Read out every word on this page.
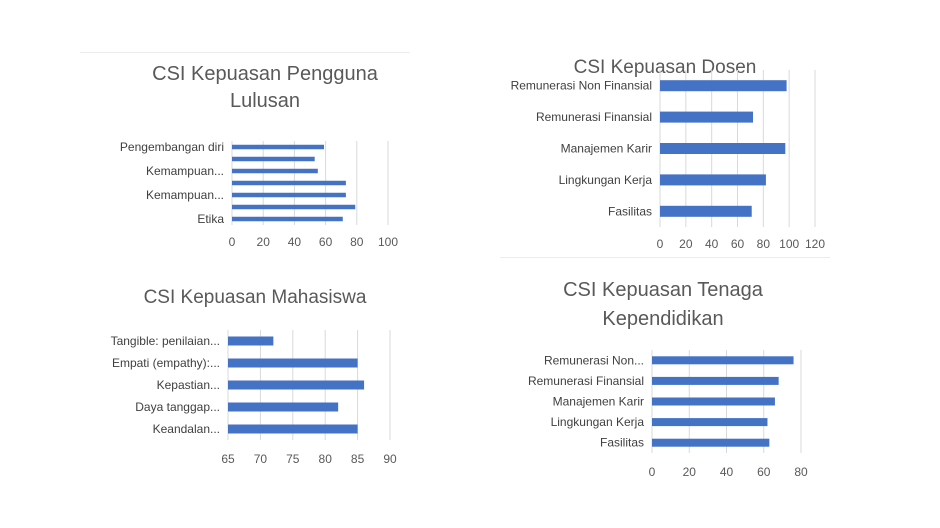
CSI Kepuasan Pengguna
Lulusan
0 20 40 60 80 100
Pengembangan diri
Kemampuan...
Kemampuan...
Etika
CSI Kepuasan Dosen
0 20 40 60 80 100 120
Remunerasi Non Finansial
Remunerasi Finansial
Manajemen Karir
Lingkungan Kerja
Fasilitas
CSI Kepuasan Mahasiswa
65 70 75 80 85 90
Tangible: penilaian...
Empati (empathy):...
Kepastian...
Daya tanggap...
Keandalan...
CSI Kepuasan Tenaga
Kependidikan
0 20 40 60 80
Remunerasi Non...
Remunerasi Finansial
Manajemen Karir
Lingkungan Kerja
Fasilitas
